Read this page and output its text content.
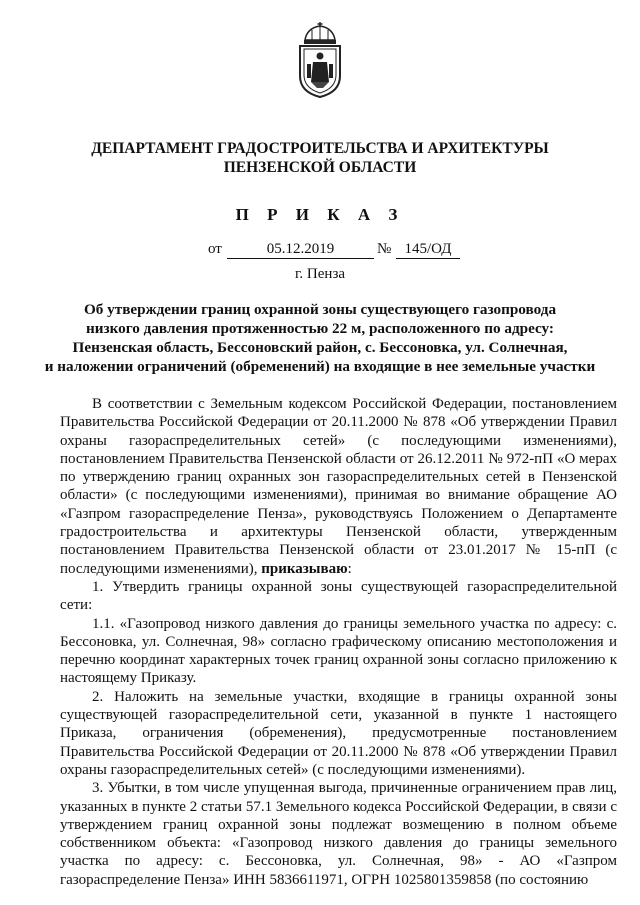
ДЕПАРТАМЕНТ ГРАДОСТРОИТЕЛЬСТВА И АРХИТЕКТУРЫ
ПЕНЗЕНСКОЙ ОБЛАСТИ
П Р И К А З
от	05.12.2019	№ 145/ОД
г. Пенза
Об утверждении границ охранной зоны существующего газопровода
низкого давления протяженностью 22 м, расположенного по адресу:
Пензенская область, Бессоновский район, с. Бессоновка, ул. Солнечная,
и наложении ограничений (обременений) на входящие в нее земельные участки

В соответствии с Земельным кодексом Российской Федерации, постановлением Правительства Российской Федерации от 20.11.2000 № 878 «Об утверждении Правил охраны газораспределительных сетей» (с последующими изменениями), постановлением Правительства Пензенской области от 26.12.2011 № 972-пП «О мерах по утверждению границ охранных зон газораспределительных сетей в Пензенской области» (с последующими изменениями), принимая во внимание обращение АО «Газпром газораспределение Пенза», руководствуясь Положением о Департаменте градостроительства и архитектуры Пензенской области, утвержденным постановлением Правительства Пензенской области от 23.01.2017 № 15-пП (с последующими изменениями), приказываю:

1. Утвердить границы охранной зоны существующей газораспределительной сети:

1.1. «Газопровод низкого давления до границы земельного участка по адресу: с. Бессоновка, ул. Солнечная, 98» согласно графическому описанию местоположения и перечню координат характерных точек границ охранной зоны согласно приложению к настоящему Приказу.

2. Наложить на земельные участки, входящие в границы охранной зоны существующей газораспределительной сети, указанной в пункте 1 настоящего Приказа, ограничения (обременения), предусмотренные постановлением Правительства Российской Федерации от 20.11.2000 № 878 «Об утверждении Правил охраны газораспределительных сетей» (с последующими изменениями).

3. Убытки, в том числе упущенная выгода, причиненные ограничением прав лиц, указанных в пункте 2 статьи 57.1 Земельного кодекса Российской Федерации, в связи с утверждением границ охранной зоны подлежат возмещению в полном объеме собственником объекта: «Газопровод низкого давления до границы земельного участка по адресу: с. Бессоновка, ул. Солнечная, 98» - АО «Газпром газораспределение Пенза» ИНН 5836611971, ОГРН 1025801359858 (по состоянию
